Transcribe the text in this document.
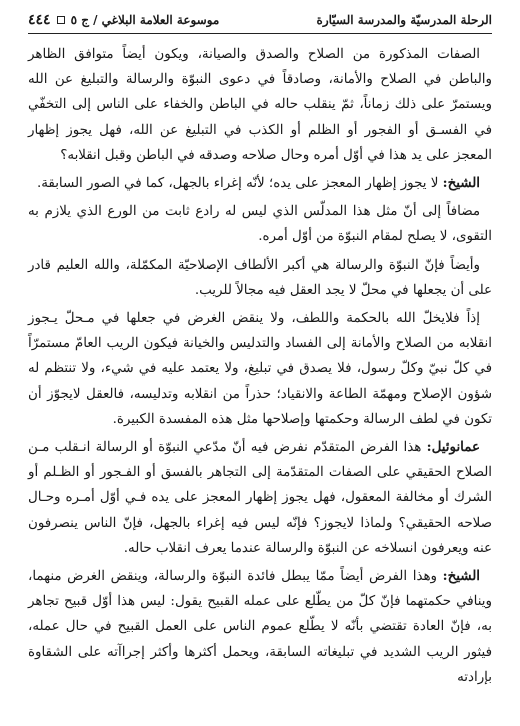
الرحلة المدرسيّة والمدرسة السيّارة
موسوعة العلامة البلاغي / ج ٥
٤٤٤

الصفات المذكورة من الصلاح والصدق والصيانة، ويكون أيضاً متوافق الظاهر والباطن في الصلاح والأمانة، وصادقاً في دعوى النبوّة والرسالة والتبليغ عن الله ويستمرّ على ذلك زماناً، ثمّ ينقلب حاله في الباطن والخفاء على الناس إلى التخفّي في الفسـق أو الفجور أو الظلم أو الكذب في التبليغ عن الله، فهل يجوز إظهار المعجز على يد هذا في أوّل أمره وحال صلاحه وصدقه في الباطن وقبل انقلابه؟

الشيخ: لا يجوز إظهار المعجز على يده؛ لأنّه إغراء بالجهل، كما في الصور السابقة.

مضافاً إلى أنّ مثل هذا المدلّس الذي ليس له رادع ثابت من الورع الذي يلازم به التقوى، لا يصلح لمقام النبوّة من أوّل أمره.

وأيضاً فإنّ النبوّة والرسالة هي أكبر الألطاف الإصلاحيّة المكمّلة، والله العليم قادر على أن يجعلها في محلّ لا يجد العقل فيه مجالاً للريب.

إذاً فلايخلّ الله بالحكمة واللطف، ولا ينقض الغرض في جعلها في مـحلّ يـجوز انقلابه من الصلاح والأمانة إلى الفساد والتدليس والخيانة فيكون الريب العامّ مستمرّاً في كلّ نبيّ وكلّ رسول، فلا يصدق في تبليغ، ولا يعتمد عليه في شيء، ولا تنتظم له شؤون الإصلاح ومهمّة الطاعة والانقياد؛ حذراً من انقلابه وتدليسه، فالعقل لايجوّز أن تكون في لطف الرسالة وحكمتها وإصلاحها مثل هذه المفسدة الكبيرة.

عمانوئيل: هذا الفرض المتقدّم نفرض فيه أنّ مدّعي النبوّة أو الرسالة انـقلب مـن الصلاح الحقيقي على الصفات المتقدّمة إلى التجاهر بالفسق أو الفـجور أو الظـلم أو الشرك أو مخالفة المعقول، فهل يجوز إظهار المعجز على يده فـي أوّل أمـره وحـال صلاحه الحقيقي؟ ولماذا لايجوز؟ فإنّه ليس فيه إغراء بالجهل، فإنّ الناس ينصرفون عنه ويعرفون انسلاخه عن النبوّة والرسالة عندما يعرف انقلاب حاله.

الشيخ: وهذا الفرض أيضاً ممّا يبطل فائدة النبوّة والرسالة، وينقض الغرض منهما، وينافي حكمتهما فإنّ كلّ من يطّلع على عمله القبيح يقول: ليس هذا أوّل قبيح تجاهر به، فإنّ العادة تقتضي بأنّه لا يطّلع عموم الناس على العمل القبيح في حال عمله، فيثور الريب الشديد في تبليغاته السابقة، ويحمل أكثرها وأكثر إجراآته على الشقاوة بإرادته
